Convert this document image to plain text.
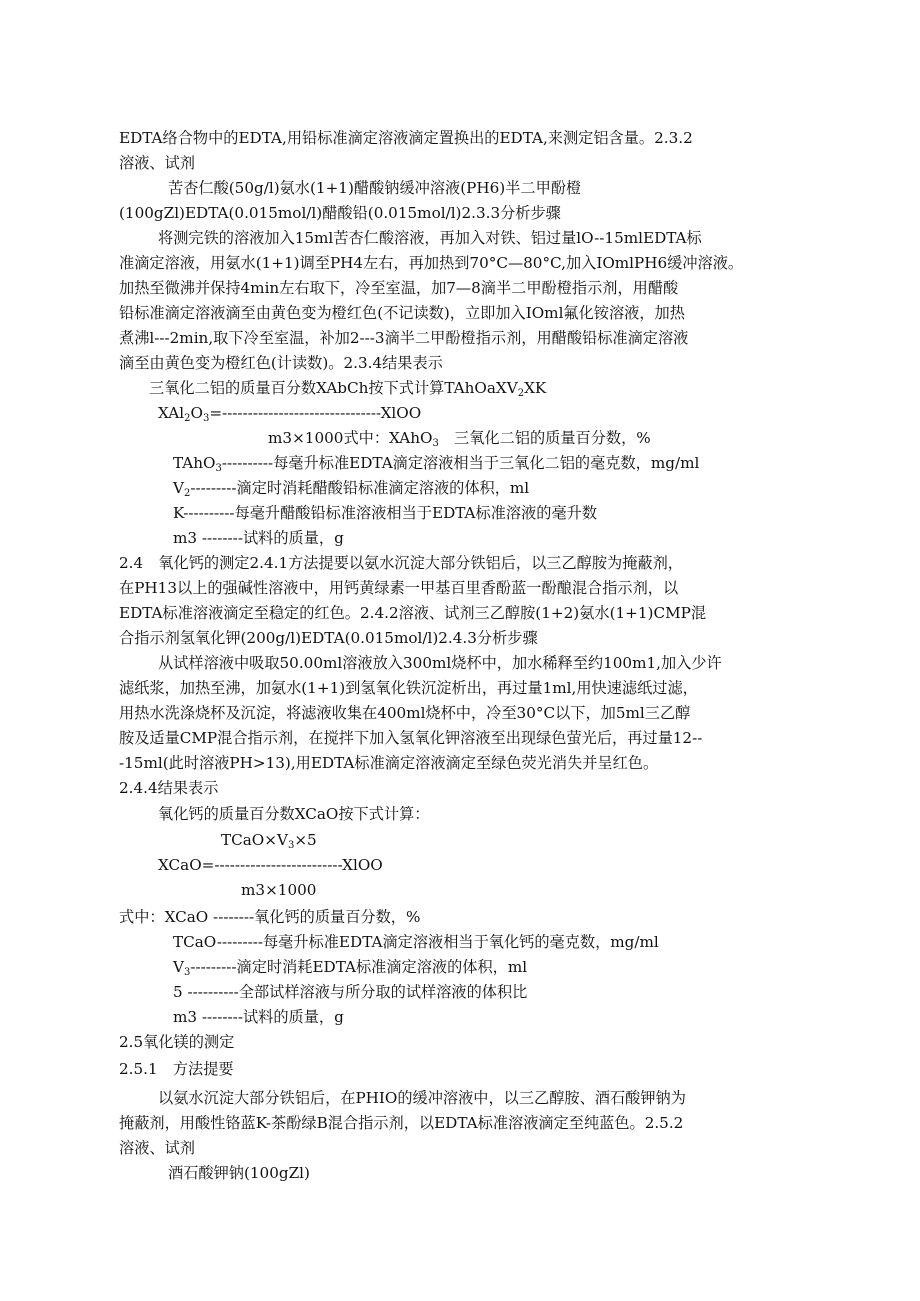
EDTA络合物中的EDTA,用铅标准滴定溶液滴定置换出的EDTA,来测定铝含量。2.3.2
溶液、试剂
苦杏仁酸(50g/l)氨水(1+1)醋酸钠缓冲溶液(PH6)半二甲酚橙
(100gZl)EDTA(0.015mol/l)醋酸铅(0.015mol/l)2.3.3分析步骤
将测完铁的溶液加入15ml苦杏仁酸溶液，再加入对铁、铝过量lO--15mlEDTA标
准滴定溶液，用氨水(1+1)调至PH4左右，再加热到70°C—80°C,加入IOmlPH6缓冲溶液。
加热至微沸并保持4min左右取下，冷至室温，加7—8滴半二甲酚橙指示剂，用醋酸
铅标准滴定溶液滴至由黄色变为橙红色(不记读数)，立即加入IOml氟化铵溶液，加热
煮沸l---2min,取下冷至室温，补加2---3滴半二甲酚橙指示剂，用醋酸铅标准滴定溶液
滴至由黄色变为橙红色(计读数)。2.3.4结果表示
三氧化二铝的质量百分数XAbCh按下式计算TAhOaXV$_2$XK
$XAl_2O_3=------------------------------$-XlOO
m3×1000式中：XAhO$_3$　 三氧化二铝的质量百分数，%
TAhO$_3$----------每毫升标准EDTA滴定溶液相当于三氧化二铝的毫克数，mg/ml
$V_2---------$滴定时消耗醋酸铅标准滴定溶液的体积，ml
K----------每毫升醋酸铅标准溶液相当于EDTA标准溶液的毫升数
m3 --------试料的质量，g
2.4　氧化钙的测定2.4.1方法提要以氨水沉淀大部分铁铝后，以三乙醇胺为掩蔽剂，
在PH13以上的强碱性溶液中，用钙黄绿素一甲基百里香酚蓝一酚酿混合指示剂，以
EDTA标准溶液滴定至稳定的红色。2.4.2溶液、试剂三乙醇胺(1+2)氨水(1+1)CMP混
合指示剂氢氧化钾(200g/l)EDTA(0.015mol/l)2.4.3分析步骤
从试样溶液中吸取50.00ml溶液放入300ml烧杯中，加水稀释至约100m1,加入少许
滤纸浆，加热至沸，加氨水(1+1)到氢氧化铁沉淀析出，再过量1ml,用快速滤纸过滤，
用热水洗涤烧杯及沉淀，将滤液收集在400ml烧杯中，冷至30°C以下，加5ml三乙醇
胺及适量CMP混合指示剂，在搅拌下加入氢氧化钾溶液至出现绿色萤光后，再过量12--
-15ml(此时溶液PH>13),用EDTA标准滴定溶液滴定至绿色荧光消失并呈红色。
2.4.4结果表示
氧化钙的质量百分数XCaO按下式计算：
$TCaO\times V_3\times 5$
XCaO=-------------------------XlOO
m3×1000
式中：XCaO --------氧化钙的质量百分数，%
TCaO---------每毫升标准EDTA滴定溶液相当于氧化钙的毫克数，mg/ml
$V_3---------$滴定时消耗EDTA标准滴定溶液的体积，ml
5 ----------全部试样溶液与所分取的试样溶液的体积比
m3 --------试料的质量，g
2.5氧化镁的测定
2.5.1　方法提要
以氨水沉淀大部分铁铝后，在PHIO的缓冲溶液中，以三乙醇胺、酒石酸钾钠为
掩蔽剂，用酸性铬蓝K-茶酚绿B混合指示剂，以EDTA标准溶液滴定至纯蓝色。2.5.2
溶液、试剂
酒石酸钾钠(100gZl)
